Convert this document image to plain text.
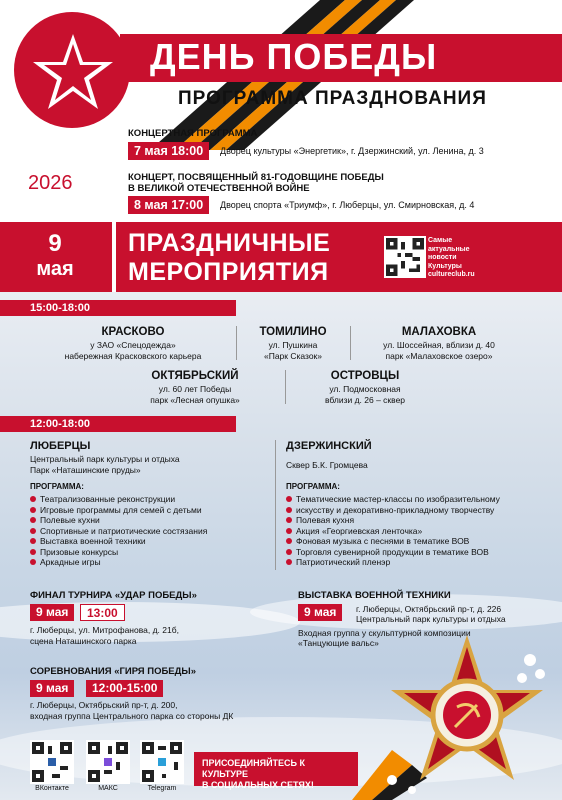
ДЕНЬ ПОБЕДЫ
ПРОГРАММА ПРАЗДНОВАНИЯ
2026
КОНЦЕРТНАЯ ПРОГРАММА
7 мая 18:00	Дворец культуры «Энергетик», г. Дзержинский, ул. Ленина, д. 3
КОНЦЕРТ, ПОСВЯЩЕННЫЙ 81-ГОДОВЩИНЕ ПОБЕДЫ
В ВЕЛИКОЙ ОТЕЧЕСТВЕННОЙ ВОЙНЕ
8 мая 17:00	Дворец спорта «Триумф», г. Люберцы, ул. Смирновская, д. 4
9
мая
ПРАЗДНИЧНЫЕ
МЕРОПРИЯТИЯ
Самые
актуальные
новости
Культуры
cultureclub.ru
15:00-18:00
КРАСКОВО
у ЗАО «Спецодежда»
набережная Красковского карьера
ТОМИЛИНО
ул. Пушкина
«Парк Сказок»
МАЛАХОВКА
ул. Шоссейная, вблизи д. 40
парк «Малаховское озеро»
ОКТЯБРЬСКИЙ
ул. 60 лет Победы
парк «Лесная опушка»
ОСТРОВЦЫ
ул. Подмосковная
вблизи д. 26 – сквер
12:00-18:00
ЛЮБЕРЦЫ
Центральный парк культуры и отдыха
Парк «Наташинские пруды»
ПРОГРАММА:
Театрализованные реконструкции
Игровые программы для семей с детьми
Полевые кухни
Спортивные и патриотические состязания
Выставка военной техники
Призовые конкурсы
Аркадные игры
ДЗЕРЖИНСКИЙ
Сквер Б.К. Громцева
ПРОГРАММА:
Тематические мастер-классы по изобразительному
искусству и декоративно-прикладному творчеству
Полевая кухня
Акция «Георгиевская ленточка»
Фоновая музыка с песнями в тематике ВОВ
Торговля сувенирной продукции в тематике ВОВ
Патриотический пленэр
ФИНАЛ ТУРНИРА «УДАР ПОБЕДЫ»
9 мая	13:00
г. Люберцы, ул. Митрофанова, д. 21б,
сцена Наташинского парка
ВЫСТАВКА ВОЕННОЙ ТЕХНИКИ
9 мая	г. Люберцы, Октябрьский пр-т, д. 226
Центральный парк культуры и отдыха
Входная группа у скульптурной композиции
«Танцующие вальс»
СОРЕВНОВАНИЯ «ГИРЯ ПОБЕДЫ»
9 мая	12:00-15:00
г. Люберцы, Октябрьский пр-т, д. 200,
входная группа Центрального парка со стороны ДК
ВКонтакте	МАКС	Telegram
ПРИСОЕДИНЯЙТЕСЬ К КУЛЬТУРЕ
В СОЦИАЛЬНЫХ СЕТЯХ!
